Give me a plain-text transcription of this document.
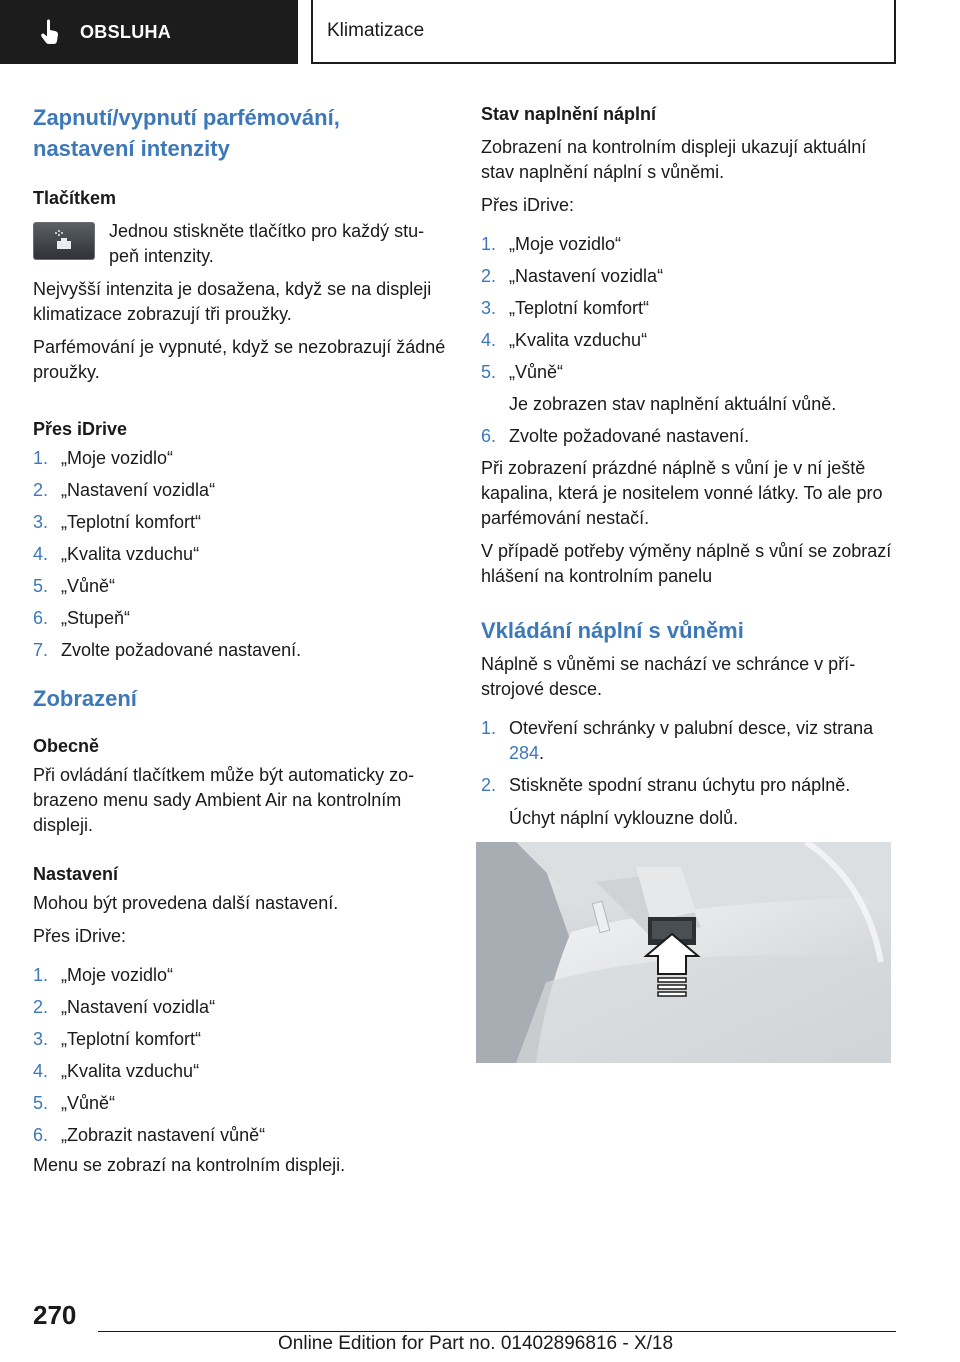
OBSLUHA	Klimatizace
Zapnutí/vypnutí parfémování,
nastavení intenzity
Tlačítkem

Jednou stiskněte tlačítko pro každý stupeň intenzity.

Nejvyšší intenzita je dosažena, když se na displeji klimatizace zobrazují tři proužky.

Parfémování je vypnuté, když se nezobrazují žádné proužky.

Přes iDrive
1. „Moje vozidlo“
2. „Nastavení vozidla“
3. „Teplotní komfort“
4. „Kvalita vzduchu“
5. „Vůně“
6. „Stupeň“
7. Zvolte požadované nastavení.
Zobrazení
Obecně

Při ovládání tlačítkem může být automaticky zobrazeno menu sady Ambient Air na kontrolním displeji.

Nastavení

Mohou být provedena další nastavení.

Přes iDrive:

1. „Moje vozidlo“
2. „Nastavení vozidla“
3. „Teplotní komfort“
4. „Kvalita vzduchu“
5. „Vůně“
6. „Zobrazit nastavení vůně“

Menu se zobrazí na kontrolním displeji.

Stav naplnění náplní

Zobrazení na kontrolním displeji ukazují aktuální stav naplnění náplní s vůněmi.

Přes iDrive:

1. „Moje vozidlo“
2. „Nastavení vozidla“
3. „Teplotní komfort“
4. „Kvalita vzduchu“
5. „Vůně“
Je zobrazen stav naplnění aktuální vůně.
6. Zvolte požadované nastavení.

Při zobrazení prázdné náplně s vůní je v ní ještě kapalina, která je nositelem vonné látky. To ale pro parfémování nestačí.

V případě potřeby výměny náplně s vůní se zobrazí hlášení na kontrolním panelu

Vkládání náplní s vůněmi

Náplně s vůněmi se nachází ve schránce v přístrojové desce.

1. Otevření schránky v palubní desce, viz strana 284.
2. Stiskněte spodní stranu úchytu pro náplně.
Úchyt náplní vyklouzne dolů.
270
Online Edition for Part no. 01402896816 - X/18
